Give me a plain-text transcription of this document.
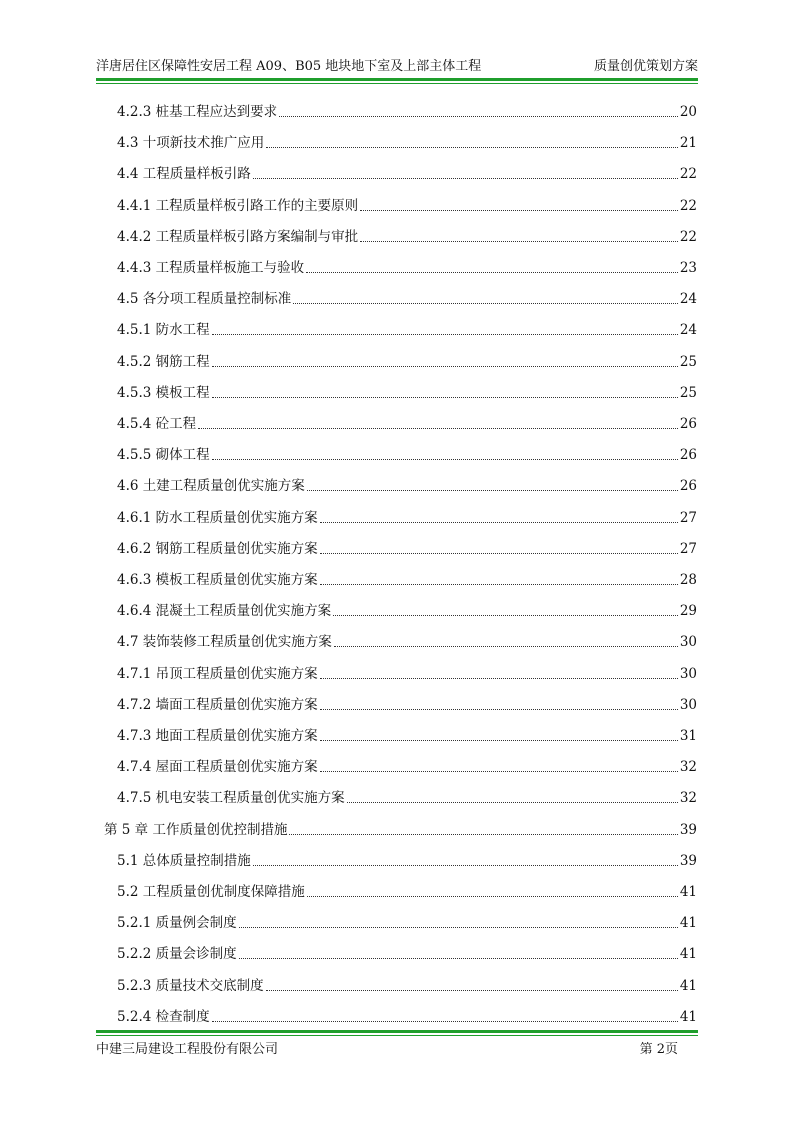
洋唐居住区保障性安居工程 A09、B05 地块地下室及上部主体工程	质量创优策划方案
4.2.3 桩基工程应达到要求	20
4.3 十项新技术推广应用	21
4.4 工程质量样板引路	22
4.4.1 工程质量样板引路工作的主要原则	22
4.4.2 工程质量样板引路方案编制与审批	22
4.4.3 工程质量样板施工与验收	23
4.5 各分项工程质量控制标准	24
4.5.1 防水工程	24
4.5.2 钢筋工程	25
4.5.3 模板工程	25
4.5.4 砼工程	26
4.5.5 砌体工程	26
4.6 土建工程质量创优实施方案	26
4.6.1 防水工程质量创优实施方案	27
4.6.2 钢筋工程质量创优实施方案	27
4.6.3 模板工程质量创优实施方案	28
4.6.4 混凝土工程质量创优实施方案	29
4.7 装饰装修工程质量创优实施方案	30
4.7.1 吊顶工程质量创优实施方案	30
4.7.2 墙面工程质量创优实施方案	30
4.7.3 地面工程质量创优实施方案	31
4.7.4 屋面工程质量创优实施方案	32
4.7.5 机电安装工程质量创优实施方案	32
第 5 章 工作质量创优控制措施	39
5.1 总体质量控制措施	39
5.2 工程质量创优制度保障措施	41
5.2.1 质量例会制度	41
5.2.2 质量会诊制度	41
5.2.3 质量技术交底制度	41
5.2.4 检查制度	41
中建三局建设工程股份有限公司	第 2页
